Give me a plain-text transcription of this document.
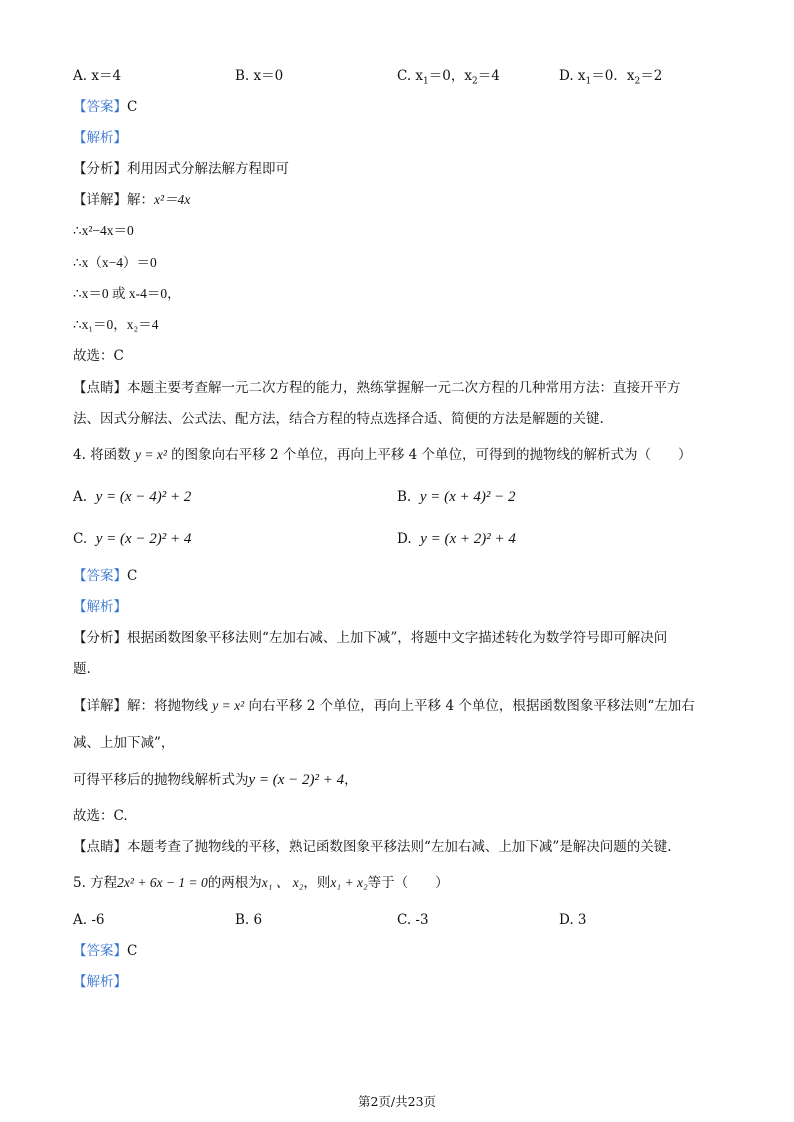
A. x＝4	B. x＝0	C. $x_1=0$，$x_2=4$	D. $x_1=0$．$x_2=2$
【答案】C
【解析】
【分析】利用因式分解法解方程即可
【详解】解：x²＝4x
∴x²−4x＝0
∴x（x−4）＝0
∴x＝0 或 x-4＝0，
∴x₁＝0，x₂＝4
故选：C
【点睛】本题主要考查解一元二次方程的能力，熟练掌握解一元二次方程的几种常用方法：直接开平方
法、因式分解法、公式法、配方法，结合方程的特点选择合适、简便的方法是解题的关键.
4. 将函数 y = x² 的图象向右平移 2 个单位，再向上平移 4 个单位，可得到的抛物线的解析式为（　　）
A. y = (x − 4)² + 2	B. y = (x + 4)² − 2
C. y = (x − 2)² + 4	D. y = (x + 2)² + 4
【答案】C
【解析】
【分析】根据函数图象平移法则“左加右减、上加下减”，将题中文字描述转化为数学符号即可解决问
题.
【详解】解：将抛物线 y = x² 向右平移 2 个单位，再向上平移 4 个单位，根据函数图象平移法则“左加右
减、上加下减”，
可得平移后的抛物线解析式为y = (x − 2)² + 4，
故选：C.
【点睛】本题考查了抛物线的平移，熟记函数图象平移法则“左加右减、上加下减”是解决问题的关键.
5. 方程2x² + 6x − 1 = 0的两根为x₁ 、 x₂，则x₁ + x₂等于（　　）
A. -6	B. 6	C. -3	D. 3
【答案】C
【解析】
第2页/共23页
